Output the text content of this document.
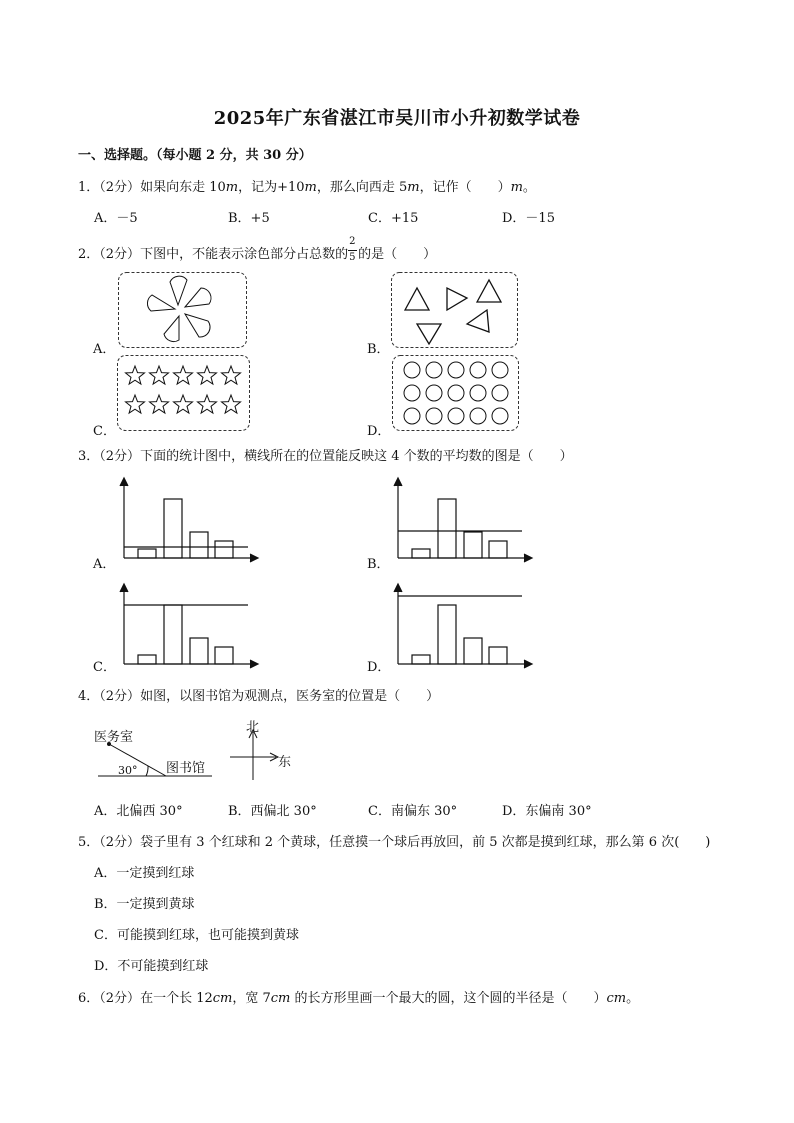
2025年广东省湛江市吴川市小升初数学试卷
一、选择题。（每小题 2 分，共 30 分）
1．（2分）如果向东走 10m，记为+10m，那么向西走 5m，记作（　　）m。
A．－5	B．+5	C．+15	D．－15
2．（2分）下图中，不能表示涂色部分占总数的 $\frac{2}{5}$ 的是（　　）
A．	B．
C．	D．
3．（2分）下面的统计图中，横线所在的位置能反映这 4 个数的平均数的图是（　　）
A．	B．
C．	D．
4．（2分）如图，以图书馆为观测点，医务室的位置是（　　）
医务室
图书馆
30°
北
东
A．北偏西 30°	B．西偏北 30°	C．南偏东 30°	D．东偏南 30°
5．（2分）袋子里有 3 个红球和 2 个黄球，任意摸一个球后再放回，前 5 次都是摸到红球，那么第 6 次(　　)
A．一定摸到红球
B．一定摸到黄球
C．可能摸到红球，也可能摸到黄球
D．不可能摸到红球
6．（2分）在一个长 12cm，宽 7cm 的长方形里画一个最大的圆，这个圆的半径是（　　）cm。
